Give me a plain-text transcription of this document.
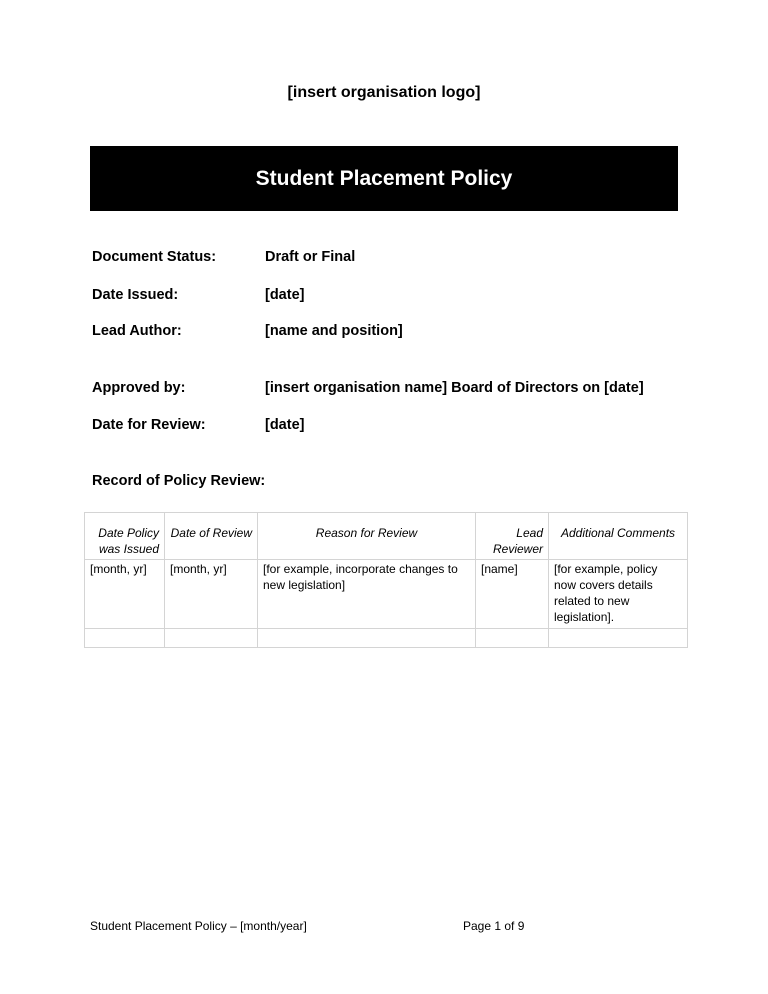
[insert organisation logo]
Student Placement Policy
Document Status:	Draft or Final
Date Issued:	[date]
Lead Author:	[name and position]
Approved by:	[insert organisation name] Board of Directors on [date]
Date for Review:	[date]
Record of Policy Review:
Date Policy was Issued	Date of Review	Reason for Review	Lead Reviewer	Additional Comments
[month, yr]	[month, yr]	[for example, incorporate changes to new legislation]	[name]	[for example, policy now covers details related to new legislation].

Student Placement Policy – [month/year]	Page 1 of 9
